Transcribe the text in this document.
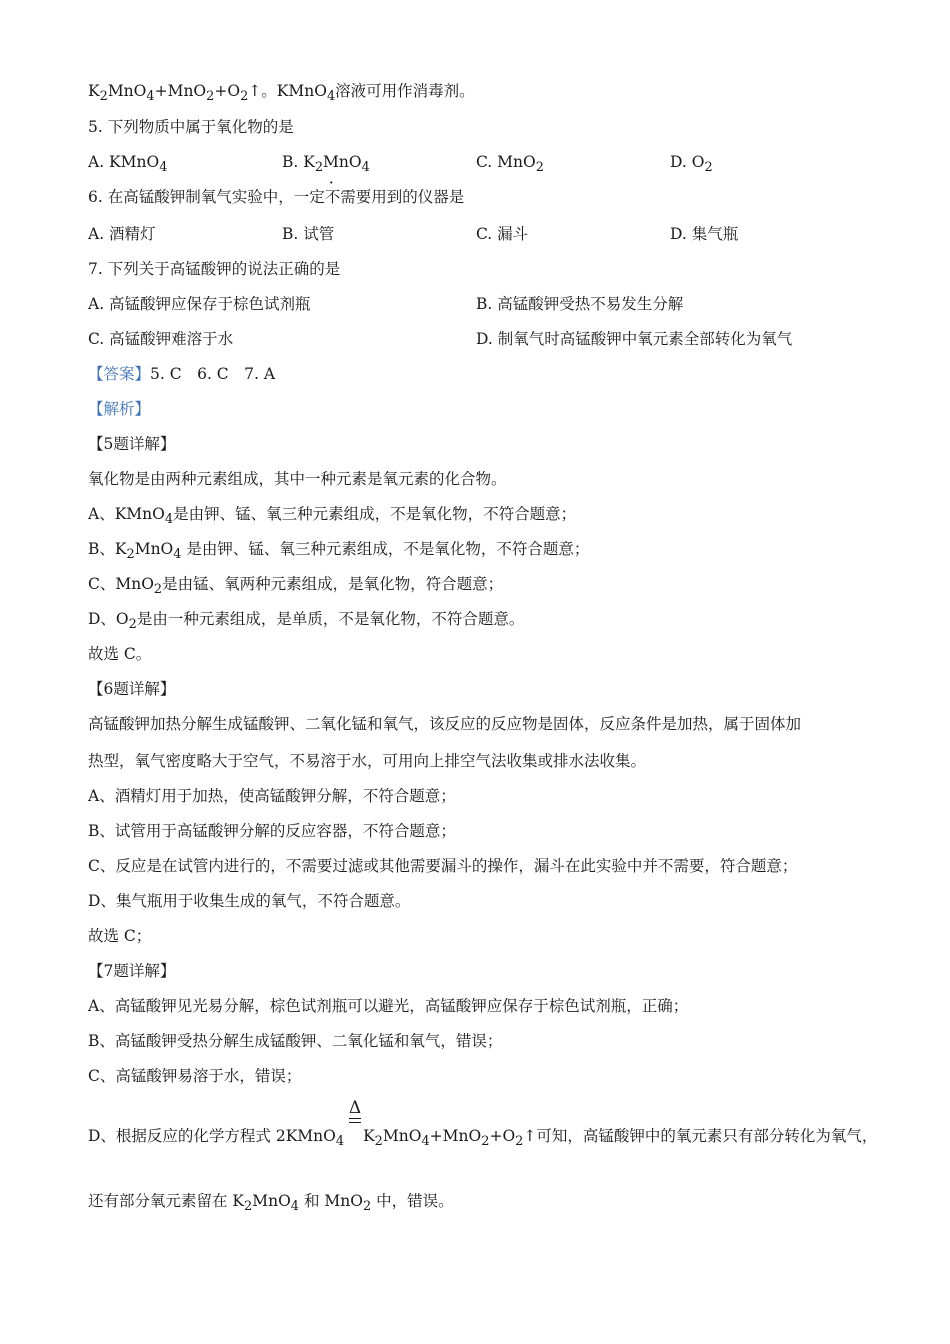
$K_2MnO_4+MnO_2+O_2↑$。KMnO$_4$溶液可用作消毒剂。
5. 下列物质中属于氧化物的是
A. KMnO$_4$	B. $K_2MnO_4$	C. MnO$_2$	D. $O_2$
6. 在高锰酸钾制氧气实验中，一定不需要用到的仪器是
A. 酒精灯	B. 试管	C. 漏斗	D. 集气瓶
7. 下列关于高锰酸钾的说法正确的是
A. 高锰酸钾应保存于棕色试剂瓶	B. 高锰酸钾受热不易发生分解
C. 高锰酸钾难溶于水	D. 制氧气时高锰酸钾中氧元素全部转化为氧气
【答案】5. C　6. C　7. A
【解析】
【5题详解】
氧化物是由两种元素组成，其中一种元素是氧元素的化合物。
A、KMnO$_4$是由钾、锰、氧三种元素组成，不是氧化物，不符合题意；
B、$K_2MnO_4$ 是由钾、锰、氧三种元素组成，不是氧化物，不符合题意；
C、MnO$_2$是由锰、氧两种元素组成，是氧化物，符合题意；
D、$O_2$是由一种元素组成，是单质，不是氧化物，不符合题意。
故选 C。
【6题详解】
高锰酸钾加热分解生成锰酸钾、二氧化锰和氧气，该反应的反应物是固体，反应条件是加热，属于固体加
热型，氧气密度略大于空气，不易溶于水，可用向上排空气法收集或排水法收集。
A、酒精灯用于加热，使高锰酸钾分解，不符合题意；
B、试管用于高锰酸钾分解的反应容器，不符合题意；
C、反应是在试管内进行的，不需要过滤或其他需要漏斗的操作，漏斗在此实验中并不需要，符合题意；
D、集气瓶用于收集生成的氧气，不符合题意。
故选 C；
【7题详解】
A、高锰酸钾见光易分解，棕色试剂瓶可以避光，高锰酸钾应保存于棕色试剂瓶，正确；
B、高锰酸钾受热分解生成锰酸钾、二氧化锰和氧气，错误；
C、高锰酸钾易溶于水，错误；
Δ
D、根据反应的化学方程式 2KMnO$_4$ $K_2MnO_4+MnO_2+O_2↑$可知，高锰酸钾中的氧元素只有部分转化为氧气，
还有部分氧元素留在 $K_2MnO_4$ 和 MnO$_2$ 中，错误。
